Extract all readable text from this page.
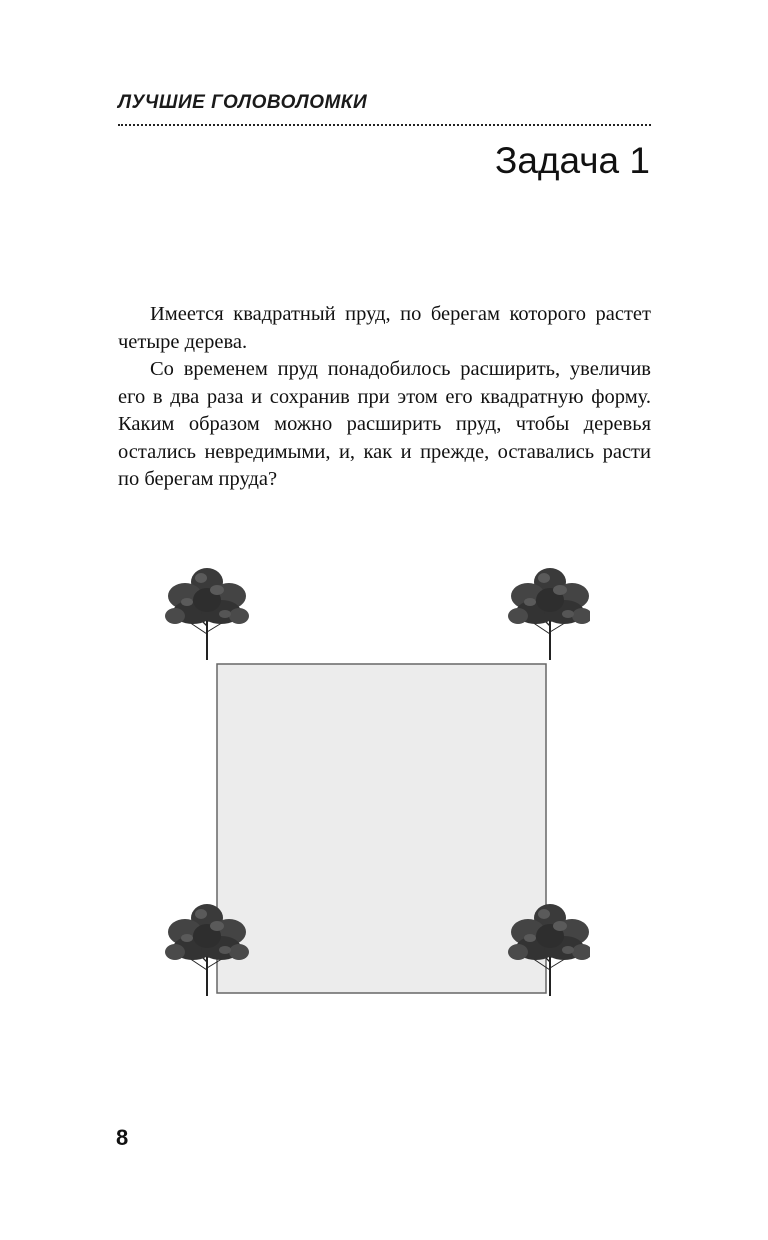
ЛУЧШИЕ ГОЛОВОЛОМКИ
Задача 1

Имеется квадратный пруд, по берегам которого растет четыре дерева.

Со временем пруд понадобилось расширить, увеличив его в два раза и сохранив при этом его квадратную форму. Каким образом можно расширить пруд, чтобы деревья остались невредимыми, и, как и прежде, оставались расти по берегам пруда?

8
